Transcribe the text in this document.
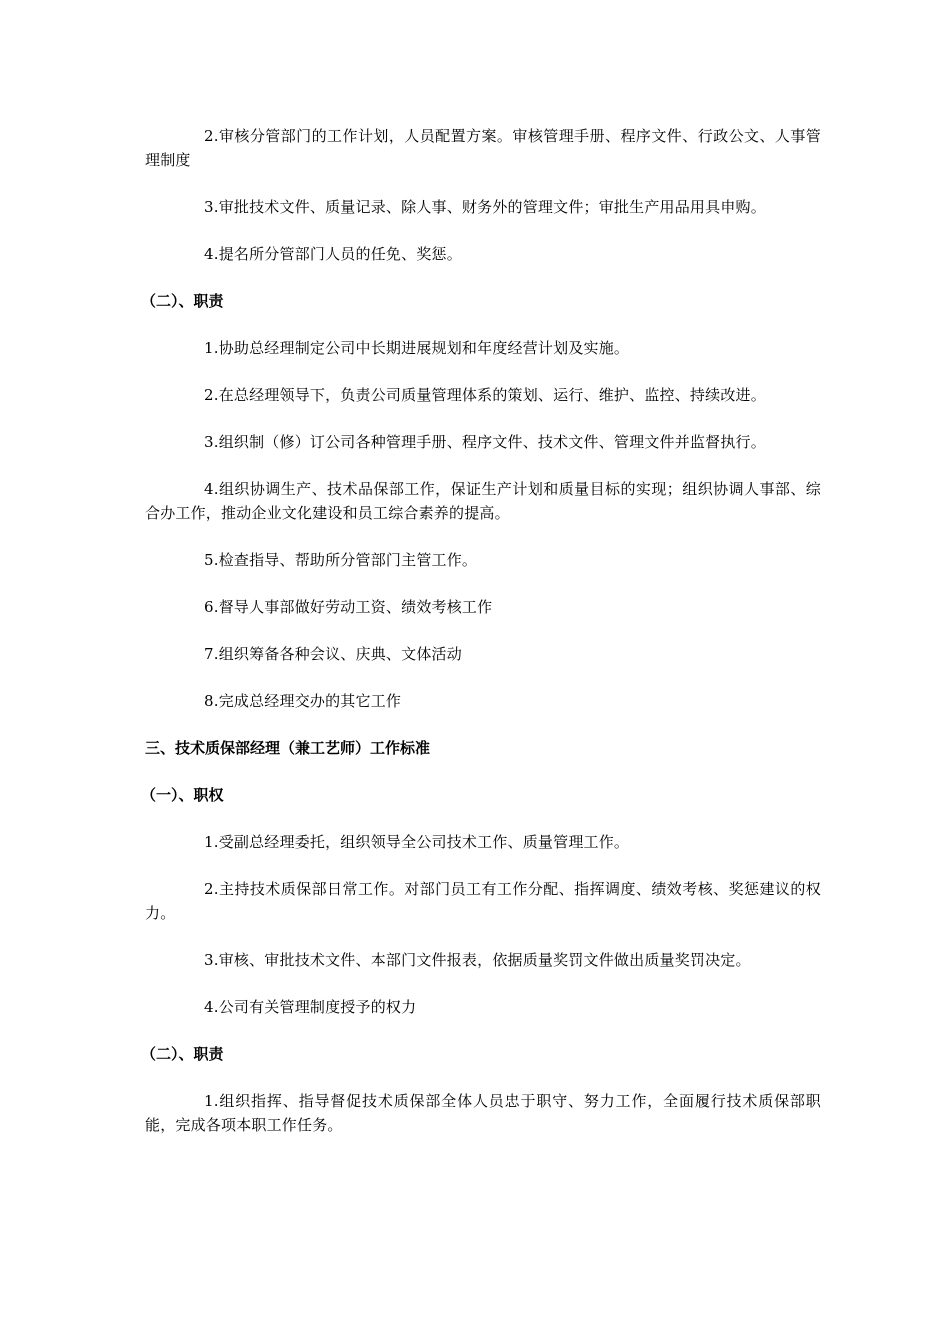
2.审核分管部门的工作计划，人员配置方案。审核管理手册、程序文件、行政公文、人事管理制度

3.审批技术文件、质量记录、除人事、财务外的管理文件；审批生产用品用具申购。

4.提名所分管部门人员的任免、奖惩。

（二）、职责

1.协助总经理制定公司中长期进展规划和年度经营计划及实施。

2.在总经理领导下，负责公司质量管理体系的策划、运行、维护、监控、持续改进。

3.组织制（修）订公司各种管理手册、程序文件、技术文件、管理文件并监督执行。

4.组织协调生产、技术品保部工作，保证生产计划和质量目标的实现；组织协调人事部、综合办工作，推动企业文化建设和员工综合素养的提高。

5.检查指导、帮助所分管部门主管工作。

6.督导人事部做好劳动工资、绩效考核工作

7.组织筹备各种会议、庆典、文体活动

8.完成总经理交办的其它工作

三、技术质保部经理（兼工艺师）工作标准

（一）、职权

1.受副总经理委托，组织领导全公司技术工作、质量管理工作。

2.主持技术质保部日常工作。对部门员工有工作分配、指挥调度、绩效考核、奖惩建议的权力。

3.审核、审批技术文件、本部门文件报表，依据质量奖罚文件做出质量奖罚决定。

4.公司有关管理制度授予的权力

（二）、职责

1.组织指挥、指导督促技术质保部全体人员忠于职守、努力工作，全面履行技术质保部职能，完成各项本职工作任务。
